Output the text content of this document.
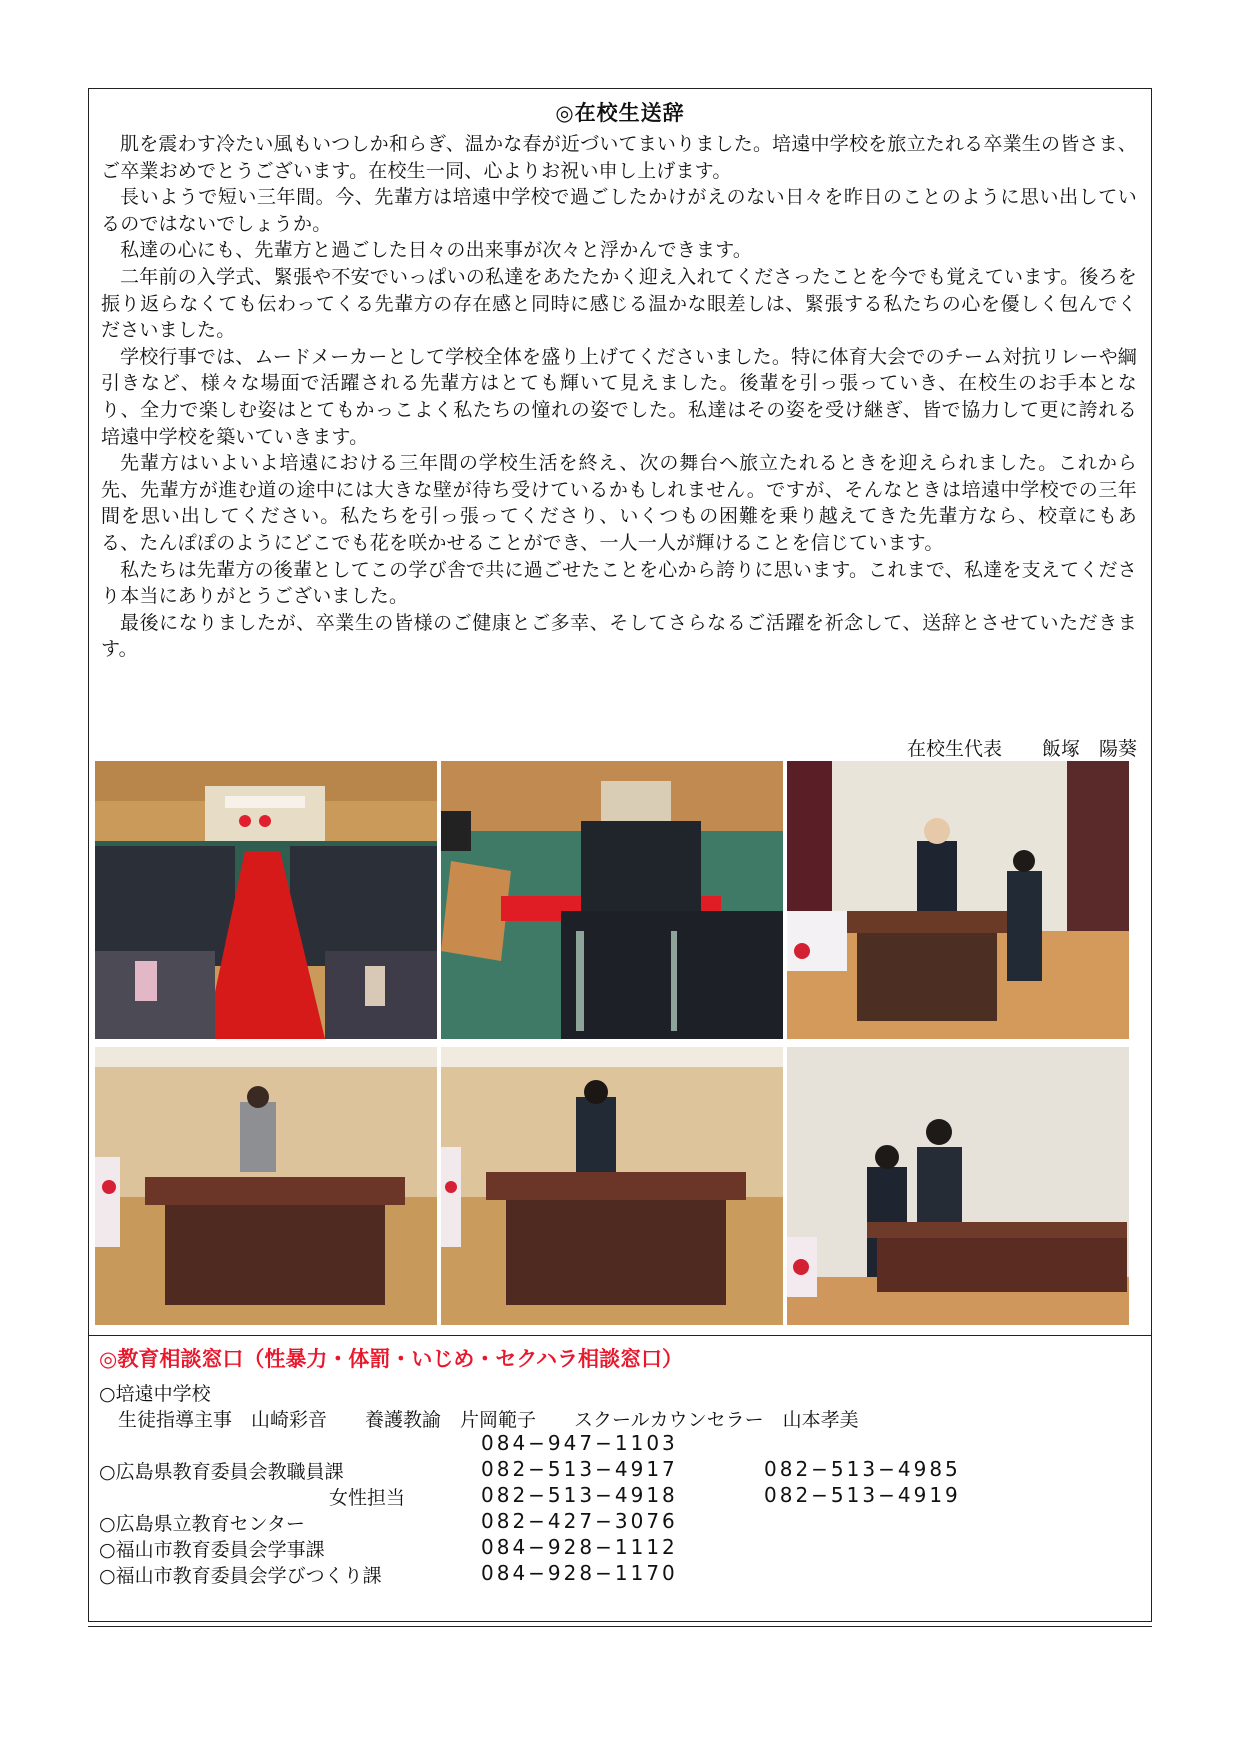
◎在校生送辞

肌を震わす冷たい風もいつしか和らぎ、温かな春が近づいてまいりました。培遠中学校を旅立たれる卒業生の皆さま、ご卒業おめでとうございます。在校生一同、心よりお祝い申し上げます。

長いようで短い三年間。今、先輩方は培遠中学校で過ごしたかけがえのない日々を昨日のことのように思い出しているのではないでしょうか。

私達の心にも、先輩方と過ごした日々の出来事が次々と浮かんできます。

二年前の入学式、緊張や不安でいっぱいの私達をあたたかく迎え入れてくださったことを今でも覚えています。後ろを振り返らなくても伝わってくる先輩方の存在感と同時に感じる温かな眼差しは、緊張する私たちの心を優しく包んでくださいました。

学校行事では、ムードメーカーとして学校全体を盛り上げてくださいました。特に体育大会でのチーム対抗リレーや綱引きなど、様々な場面で活躍される先輩方はとても輝いて見えました。後輩を引っ張っていき、在校生のお手本となり、全力で楽しむ姿はとてもかっこよく私たちの憧れの姿でした。私達はその姿を受け継ぎ、皆で協力して更に誇れる培遠中学校を築いていきます。

先輩方はいよいよ培遠における三年間の学校生活を終え、次の舞台へ旅立たれるときを迎えられました。これから先、先輩方が進む道の途中には大きな壁が待ち受けているかもしれません。ですが、そんなときは培遠中学校での三年間を思い出してください。私たちを引っ張ってくださり、いくつもの困難を乗り越えてきた先輩方なら、校章にもある、たんぽぽのようにどこでも花を咲かせることができ、一人一人が輝けることを信じています。

私たちは先輩方の後輩としてこの学び舎で共に過ごせたことを心から誇りに思います。これまで、私達を支えてくださり本当にありがとうございました。

最後になりましたが、卒業生の皆様のご健康とご多幸、そしてさらなるご活躍を祈念して、送辞とさせていただきます。

在校生代表 飯塚　陽葵
◎教育相談窓口（性暴力・体罰・いじめ・セクハラ相談窓口）
○培遠中学校
生徒指導主事　山崎彩音　　養護教諭　片岡範子　　スクールカウンセラー　山本孝美
084−947−1103
○広島県教育委員会教職員課	082−513−4917	082−513−4985
女性担当	082−513−4918	082−513−4919
○広島県立教育センター	082−427−3076
○福山市教育委員会学事課	084−928−1112
○福山市教育委員会学びつくり課	084−928−1170
